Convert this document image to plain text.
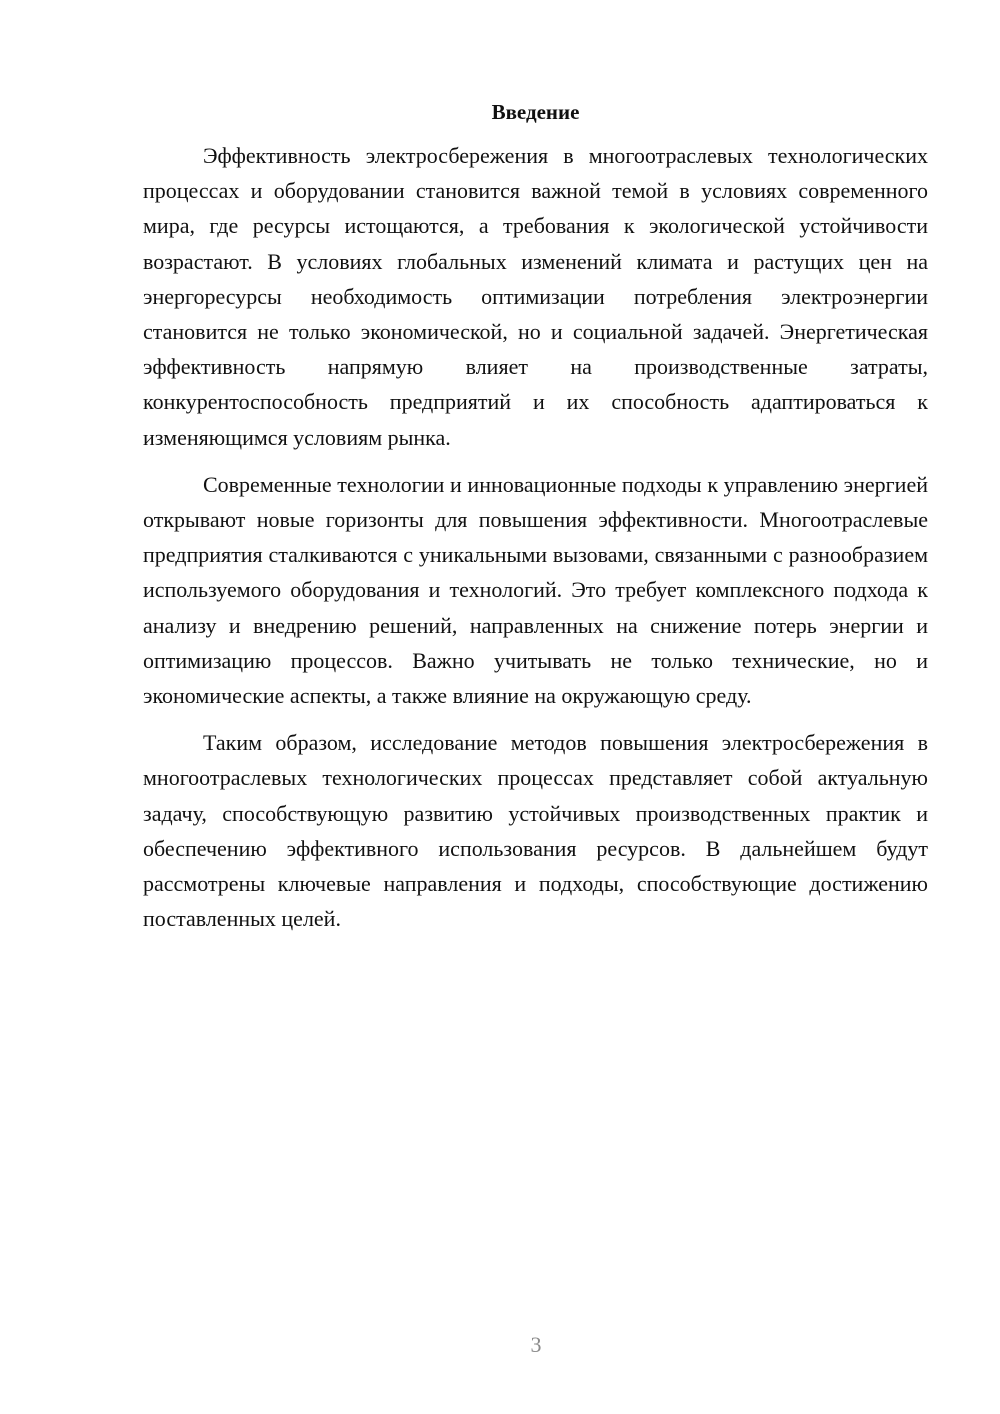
Введение

Эффективность электросбережения в многоотраслевых технологических процессах и оборудовании становится важной темой в условиях современного мира, где ресурсы истощаются, а требования к экологической устойчивости возрастают. В условиях глобальных изменений климата и растущих цен на энергоресурсы необходимость оптимизации потребления электроэнергии становится не только экономической, но и социальной задачей. Энергетическая эффективность напрямую влияет на производственные затраты, конкурентоспособность предприятий и их способность адаптироваться к изменяющимся условиям рынка.

Современные технологии и инновационные подходы к управлению энергией открывают новые горизонты для повышения эффективности. Многоотраслевые предприятия сталкиваются с уникальными вызовами, связанными с разнообразием используемого оборудования и технологий. Это требует комплексного подхода к анализу и внедрению решений, направленных на снижение потерь энергии и оптимизацию процессов. Важно учитывать не только технические, но и экономические аспекты, а также влияние на окружающую среду.

Таким образом, исследование методов повышения электросбережения в многоотраслевых технологических процессах представляет собой актуальную задачу, способствующую развитию устойчивых производственных практик и обеспечению эффективного использования ресурсов. В дальнейшем будут рассмотрены ключевые направления и подходы, способствующие достижению поставленных целей.

3
